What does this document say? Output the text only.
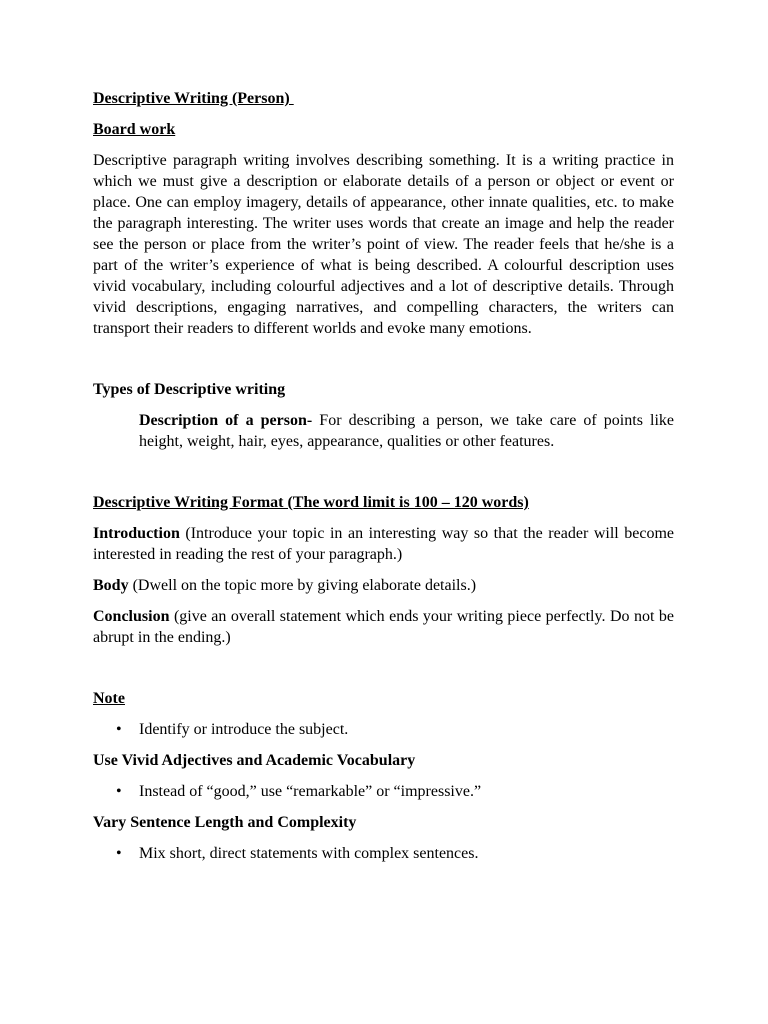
Descriptive Writing (Person)

Board work

Descriptive paragraph writing involves describing something. It is a writing practice in which we must give a description or elaborate details of a person or object or event or place. One can employ imagery, details of appearance, other innate qualities, etc. to make the paragraph interesting. The writer uses words that create an image and help the reader see the person or place from the writer’s point of view. The reader feels that he/she is a part of the writer’s experience of what is being described. A colourful description uses vivid vocabulary, including colourful adjectives and a lot of descriptive details. Through vivid descriptions, engaging narratives, and compelling characters, the writers can transport their readers to different worlds and evoke many emotions.

Types of Descriptive writing

Description of a person- For describing a person, we take care of points like height, weight, hair, eyes, appearance, qualities or other features.

Descriptive Writing Format (The word limit is 100 – 120 words)

Introduction (Introduce your topic in an interesting way so that the reader will become interested in reading the rest of your paragraph.)

Body (Dwell on the topic more by giving elaborate details.)

Conclusion (give an overall statement which ends your writing piece perfectly. Do not be abrupt in the ending.)

Note

• Identify or introduce the subject.

Use Vivid Adjectives and Academic Vocabulary

• Instead of “good,” use “remarkable” or “impressive.”

Vary Sentence Length and Complexity

• Mix short, direct statements with complex sentences.
